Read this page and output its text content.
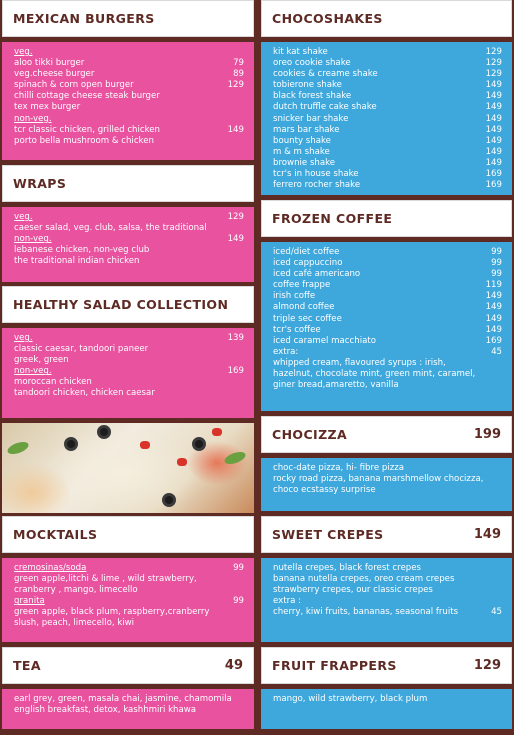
MEXICAN BURGERS
veg.
aloo tikki burger	79
veg.cheese burger	89
spinach & corn open burger	129
chilli cottage cheese steak burger
tex mex burger
non-veg.
tcr classic chicken, grilled chicken	149
porto bella mushroom & chicken
WRAPS
veg.	129
caeser salad, veg. club, salsa, the traditional
non-veg.	149
lebanese chicken, non-veg club
the traditional indian chicken
HEALTHY SALAD COLLECTION
veg.	139
classic caesar, tandoori paneer
greek, green
non-veg.	169
moroccan chicken
tandoori chicken, chicken caesar
MOCKTAILS
cremosinas/soda	99
green apple,litchi & lime , wild strawberry,
cranberry , mango, limecello
granita	99
green apple, black plum, raspberry,cranberry
slush, peach, limecello, kiwi
TEA	49
earl grey, green, masala chai, jasmine, chamomila
english breakfast, detox, kashhmiri khawa
CHOCOSHAKES
kit kat shake	129
oreo cookie shake	129
cookies & creame shake	129
tobierone shake	149
black forest shake	149
dutch truffle cake shake	149
snicker bar shake	149
mars bar shake	149
bounty shake	149
m & m shake	149
brownie shake	149
tcr's in house shake	169
ferrero rocher shake	169
FROZEN COFFEE
iced/diet coffee	99
iced cappuccino	99
iced café americano	99
coffee frappe	119
irish coffe	149
almond coffee	149
triple sec coffee	149
tcr's coffee	149
iced caramel macchiato	169
extra:	45
whipped cream, flavoured syrups : irish,
hazelnut, chocolate mint, green mint, caramel,
giner bread,amaretto, vanilla
CHOCIZZA	199
choc-date pizza, hi- fibre pizza
rocky road pizza, banana marshmellow chocizza,
choco ecstassy surprise
SWEET CREPES	149
nutella crepes, black forest crepes
banana nutella crepes, oreo cream crepes
strawberry crepes, our classic crepes
extra :
cherry, kiwi fruits, bananas, seasonal fruits	45
FRUIT FRAPPERS	129
mango, wild strawberry, black plum
